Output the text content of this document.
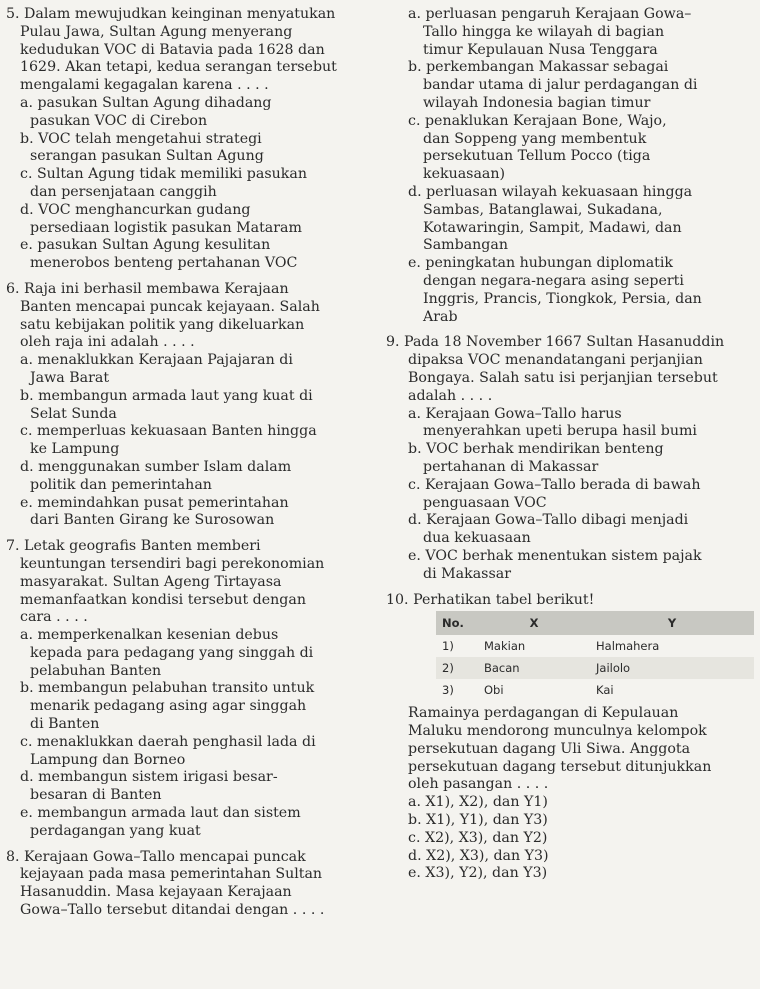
5. Dalam mewujudkan keinginan menyatukan
Pulau Jawa, Sultan Agung menyerang
kedudukan VOC di Batavia pada 1628 dan
1629. Akan tetapi, kedua serangan tersebut
mengalami kegagalan karena . . . .
a. pasukan Sultan Agung dihadang
pasukan VOC di Cirebon
b. VOC telah mengetahui strategi
serangan pasukan Sultan Agung
c. Sultan Agung tidak memiliki pasukan
dan persenjataan canggih
d. VOC menghancurkan gudang
persediaan logistik pasukan Mataram
e. pasukan Sultan Agung kesulitan
menerobos benteng pertahanan VOC
6. Raja ini berhasil membawa Kerajaan
Banten mencapai puncak kejayaan. Salah
satu kebijakan politik yang dikeluarkan
oleh raja ini adalah . . . .
a. menaklukkan Kerajaan Pajajaran di
Jawa Barat
b. membangun armada laut yang kuat di
Selat Sunda
c. memperluas kekuasaan Banten hingga
ke Lampung
d. menggunakan sumber Islam dalam
politik dan pemerintahan
e. memindahkan pusat pemerintahan
dari Banten Girang ke Surosowan
7. Letak geografis Banten memberi
keuntungan tersendiri bagi perekonomian
masyarakat. Sultan Ageng Tirtayasa
memanfaatkan kondisi tersebut dengan
cara . . . .
a. memperkenalkan kesenian debus
kepada para pedagang yang singgah di
pelabuhan Banten
b. membangun pelabuhan transito untuk
menarik pedagang asing agar singgah
di Banten
c. menaklukkan daerah penghasil lada di
Lampung dan Borneo
d. membangun sistem irigasi besar-
besaran di Banten
e. membangun armada laut dan sistem
perdagangan yang kuat
8. Kerajaan Gowa–Tallo mencapai puncak
kejayaan pada masa pemerintahan Sultan
Hasanuddin. Masa kejayaan Kerajaan
Gowa–Tallo tersebut ditandai dengan . . . .
a. perluasan pengaruh Kerajaan Gowa–
Tallo hingga ke wilayah di bagian
timur Kepulauan Nusa Tenggara
b. perkembangan Makassar sebagai
bandar utama di jalur perdagangan di
wilayah Indonesia bagian timur
c. penaklukan Kerajaan Bone, Wajo,
dan Soppeng yang membentuk
persekutuan Tellum Pocco (tiga
kekuasaan)
d. perluasan wilayah kekuasaan hingga
Sambas, Batanglawai, Sukadana,
Kotawaringin, Sampit, Madawi, dan
Sambangan
e. peningkatan hubungan diplomatik
dengan negara-negara asing seperti
Inggris, Prancis, Tiongkok, Persia, dan
Arab
9. Pada 18 November 1667 Sultan Hasanuddin
dipaksa VOC menandatangani perjanjian
Bongaya. Salah satu isi perjanjian tersebut
adalah . . . .
a. Kerajaan Gowa–Tallo harus
menyerahkan upeti berupa hasil bumi
b. VOC berhak mendirikan benteng
pertahanan di Makassar
c. Kerajaan Gowa–Tallo berada di bawah
penguasaan VOC
d. Kerajaan Gowa–Tallo dibagi menjadi
dua kekuasaan
e. VOC berhak menentukan sistem pajak
di Makassar
10. Perhatikan tabel berikut!
No.	X	Y
1)	Makian	Halmahera
2)	Bacan	Jailolo
3)	Obi	Kai
Ramainya perdagangan di Kepulauan
Maluku mendorong munculnya kelompok
persekutuan dagang Uli Siwa. Anggota
persekutuan dagang tersebut ditunjukkan
oleh pasangan . . . .
a. X1), X2), dan Y1)
b. X1), Y1), dan Y3)
c. X2), X3), dan Y2)
d. X2), X3), dan Y3)
e. X3), Y2), dan Y3)
